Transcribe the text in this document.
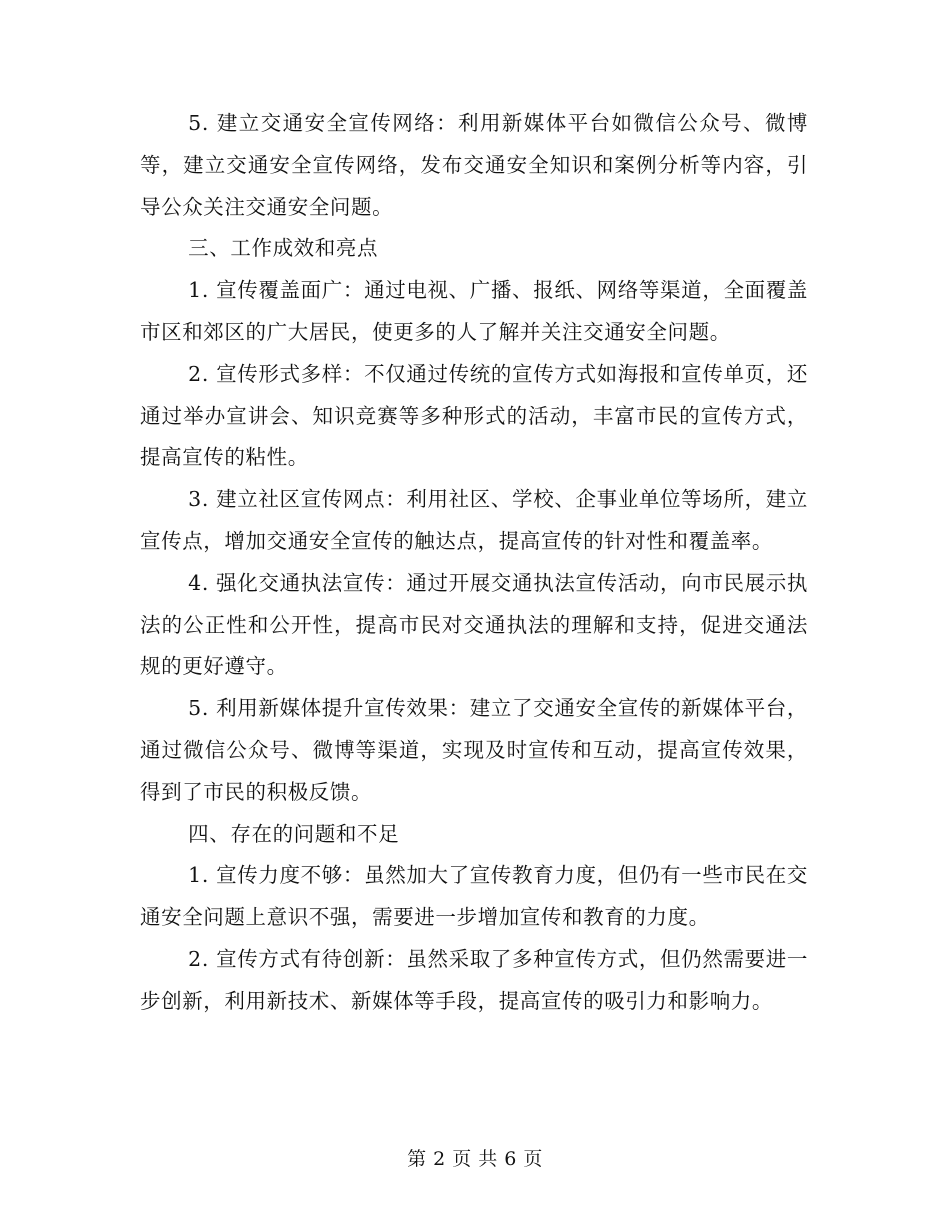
5. 建立交通安全宣传网络：利用新媒体平台如微信公众号、微博等，建立交通安全宣传网络，发布交通安全知识和案例分析等内容，引导公众关注交通安全问题。

三、工作成效和亮点

1. 宣传覆盖面广：通过电视、广播、报纸、网络等渠道，全面覆盖市区和郊区的广大居民，使更多的人了解并关注交通安全问题。

2. 宣传形式多样：不仅通过传统的宣传方式如海报和宣传单页，还通过举办宣讲会、知识竞赛等多种形式的活动，丰富市民的宣传方式，提高宣传的粘性。

3. 建立社区宣传网点：利用社区、学校、企事业单位等场所，建立宣传点，增加交通安全宣传的触达点，提高宣传的针对性和覆盖率。

4. 强化交通执法宣传：通过开展交通执法宣传活动，向市民展示执法的公正性和公开性，提高市民对交通执法的理解和支持，促进交通法规的更好遵守。

5. 利用新媒体提升宣传效果：建立了交通安全宣传的新媒体平台，通过微信公众号、微博等渠道，实现及时宣传和互动，提高宣传效果，得到了市民的积极反馈。

四、存在的问题和不足

1. 宣传力度不够：虽然加大了宣传教育力度，但仍有一些市民在交通安全问题上意识不强，需要进一步增加宣传和教育的力度。

2. 宣传方式有待创新：虽然采取了多种宣传方式，但仍然需要进一步创新，利用新技术、新媒体等手段，提高宣传的吸引力和影响力。

第 2 页 共 6 页
